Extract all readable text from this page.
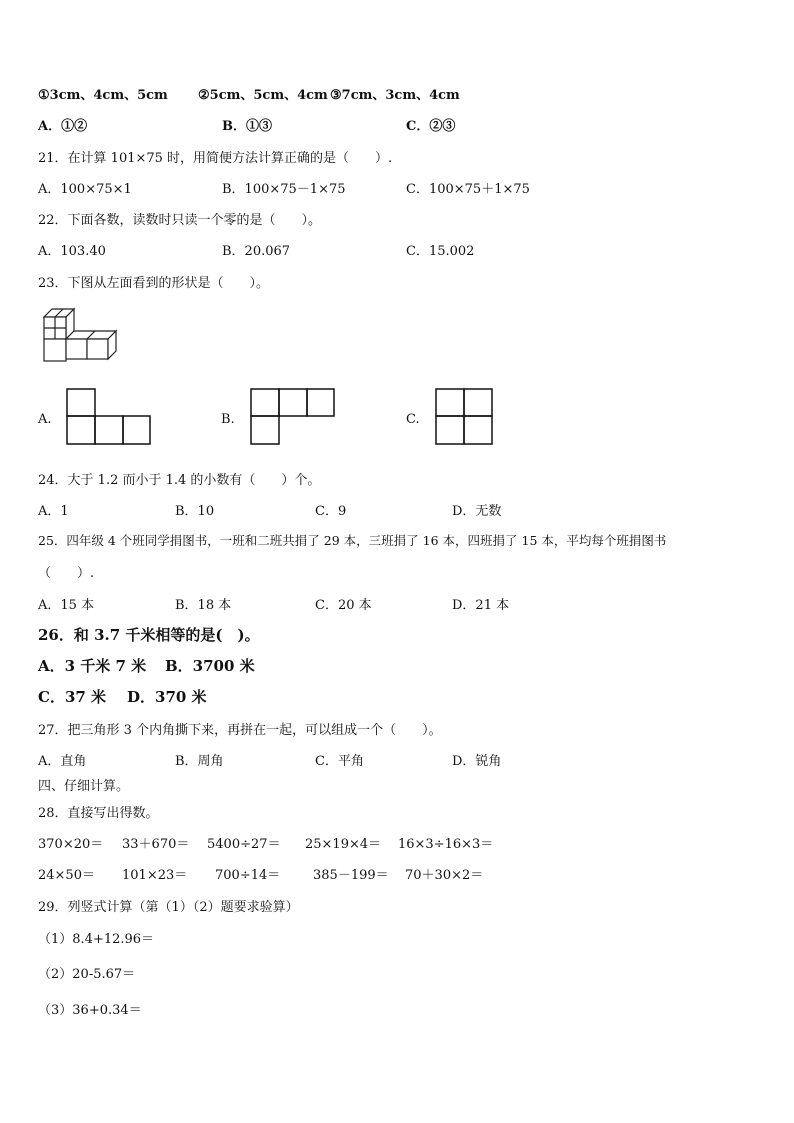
①3cm、4cm、5cm ②5cm、5cm、4cm ③7cm、3cm、4cm
A．①②	B．①③	C．②③
21．在计算 101×75 时，用简便方法计算正确的是（　　）.
A．100×75×1	B．100×75－1×75	C．100×75＋1×75
22．下面各数，读数时只读一个零的是（　　）。
A．103.40	B．20.067	C．15.002
23．下图从左面看到的形状是（　　）。
A.	B.	C.
24．大于 1.2 而小于 1.4 的小数有（　　）个。
A．1	B．10	C．9	D．无数
25．四年级 4 个班同学捐图书，一班和二班共捐了 29 本，三班捐了 16 本，四班捐了 15 本，平均每个班捐图书
（　　）.
A．15 本	B．18 本	C．20 本	D．21 本
26．和 3.7 千米相等的是(　)。
A．3 千米 7 米 B．3700 米
C．37 米 D．370 米
27．把三角形 3 个内角撕下来，再拼在一起，可以组成一个（　　）。
A．直角	B．周角	C．平角	D．锐角
四、仔细计算。
28．直接写出得数。
370×20＝ 33＋670＝ 5400÷27＝ 25×19×4＝ 16×3÷16×3＝
24×50＝ 101×23＝ 700÷14＝	385－199＝ 70＋30×2＝
29．列竖式计算（第（1）（2）题要求验算）
（1）8.4+12.96＝
（2）20-5.67＝
（3）36+0.34＝
